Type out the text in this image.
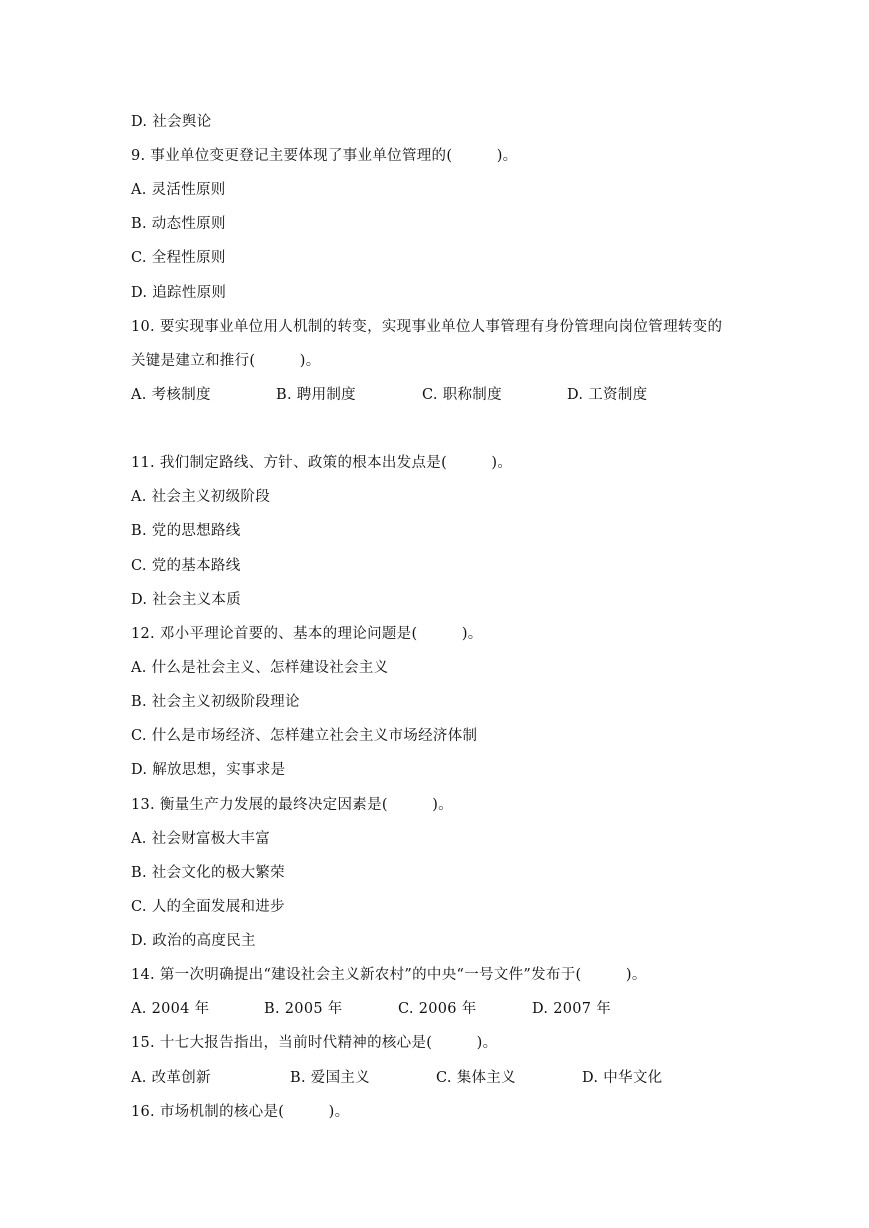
D. 社会舆论
9. 事业单位变更登记主要体现了事业单位管理的(　　　)。
A. 灵活性原则
B. 动态性原则
C. 全程性原则
D. 追踪性原则
10. 要实现事业单位用人机制的转变，实现事业单位人事管理有身份管理向岗位管理转变的
关键是建立和推行(　　　)。
A. 考核制度	B. 聘用制度	C. 职称制度	D. 工资制度
11. 我们制定路线、方针、政策的根本出发点是(　　　)。
A. 社会主义初级阶段
B. 党的思想路线
C. 党的基本路线
D. 社会主义本质
12. 邓小平理论首要的、基本的理论问题是(　　　)。
A. 什么是社会主义、怎样建设社会主义
B. 社会主义初级阶段理论
C. 什么是市场经济、怎样建立社会主义市场经济体制
D. 解放思想，实事求是
13. 衡量生产力发展的最终决定因素是(　　　)。
A. 社会财富极大丰富
B. 社会文化的极大繁荣
C. 人的全面发展和进步
D. 政治的高度民主
14. 第一次明确提出“建设社会主义新农村”的中央“一号文件”发布于(　　　)。
A. 2004 年	B. 2005 年	C. 2006 年	D. 2007 年
15. 十七大报告指出，当前时代精神的核心是(　　　)。
A. 改革创新	B. 爱国主义	C. 集体主义	D. 中华文化
16. 市场机制的核心是(　　　)。
